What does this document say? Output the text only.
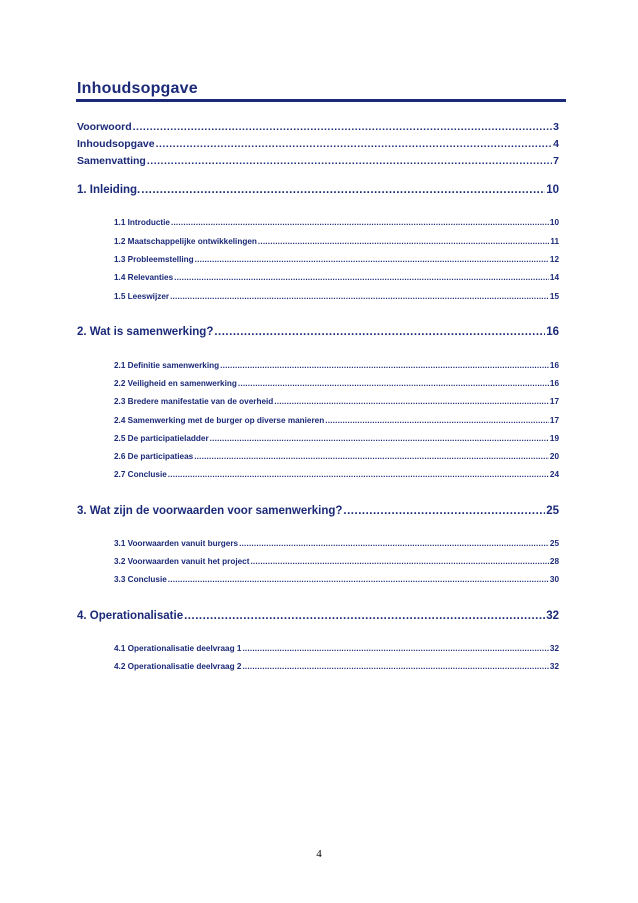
Inhoudsopgave
Voorwoord .....	3
Inhoudsopgave .....	4
Samenvatting .....	7
1. Inleiding. .....	10
1.1 Introductie .....	10
1.2 Maatschappelijke ontwikkelingen .....	11
1.3 Probleemstelling .....	12
1.4 Relevanties .....	14
1.5 Leeswijzer .....	15
2. Wat is samenwerking? .....	16
2.1 Definitie samenwerking .....	16
2.2 Veiligheid en samenwerking .....	16
2.3 Bredere manifestatie van de overheid .....	17
2.4 Samenwerking met de burger op diverse manieren .....	17
2.5 De participatieladder .....	19
2.6 De participatieas .....	20
2.7 Conclusie .....	24
3. Wat zijn de voorwaarden voor samenwerking? .....	25
3.1 Voorwaarden vanuit burgers .....	25
3.2 Voorwaarden vanuit het project .....	28
3.3 Conclusie .....	30
4. Operationalisatie .....	32
4.1 Operationalisatie deelvraag 1 .....	32
4.2 Operationalisatie deelvraag 2 .....	32
4
